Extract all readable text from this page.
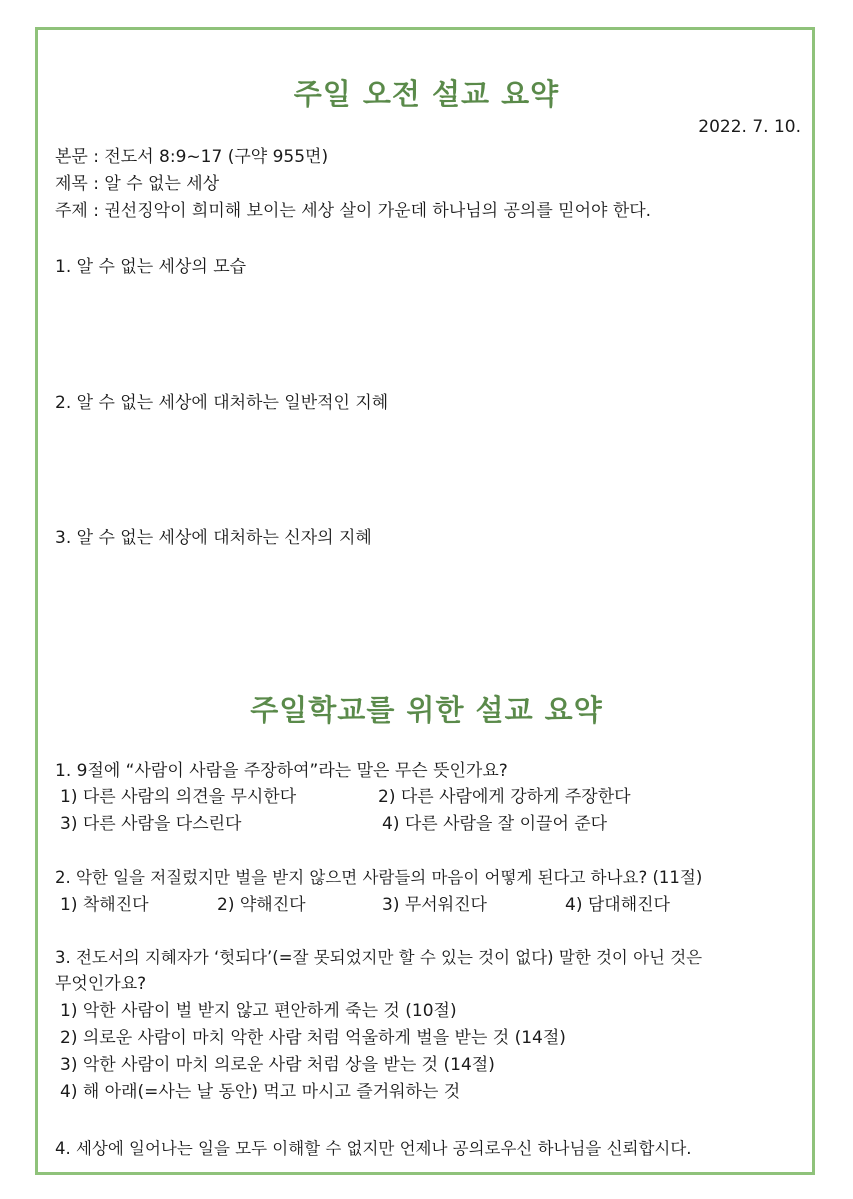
주일 오전 설교 요약
2022. 7. 10.
본문 : 전도서 8:9~17 (구약 955면)
제목 : 알 수 없는 세상
주제 : 권선징악이 희미해 보이는 세상 살이 가운데 하나님의 공의를 믿어야 한다.
1. 알 수 없는 세상의 모습
2. 알 수 없는 세상에 대처하는 일반적인 지혜
3. 알 수 없는 세상에 대처하는 신자의 지혜
주일학교를 위한 설교 요약
1. 9절에 “사람이 사람을 주장하여”라는 말은 무슨 뜻인가요?
1) 다른 사람의 의견을 무시한다	2) 다른 사람에게 강하게 주장한다
3) 다른 사람을 다스린다	4) 다른 사람을 잘 이끌어 준다
2. 악한 일을 저질렀지만 벌을 받지 않으면 사람들의 마음이 어떻게 된다고 하나요? (11절)
1) 착해진다	2) 약해진다	3) 무서워진다	4) 담대해진다
3. 전도서의 지혜자가 ‘헛되다’(=잘 못되었지만 할 수 있는 것이 없다) 말한 것이 아닌 것은
무엇인가요?
1) 악한 사람이 벌 받지 않고 편안하게 죽는 것 (10절)
2) 의로운 사람이 마치 악한 사람 처럼 억울하게 벌을 받는 것 (14절)
3) 악한 사람이 마치 의로운 사람 처럼 상을 받는 것 (14절)
4) 해 아래(=사는 날 동안) 먹고 마시고 즐거워하는 것
4. 세상에 일어나는 일을 모두 이해할 수 없지만 언제나 공의로우신 하나님을 신뢰합시다.
